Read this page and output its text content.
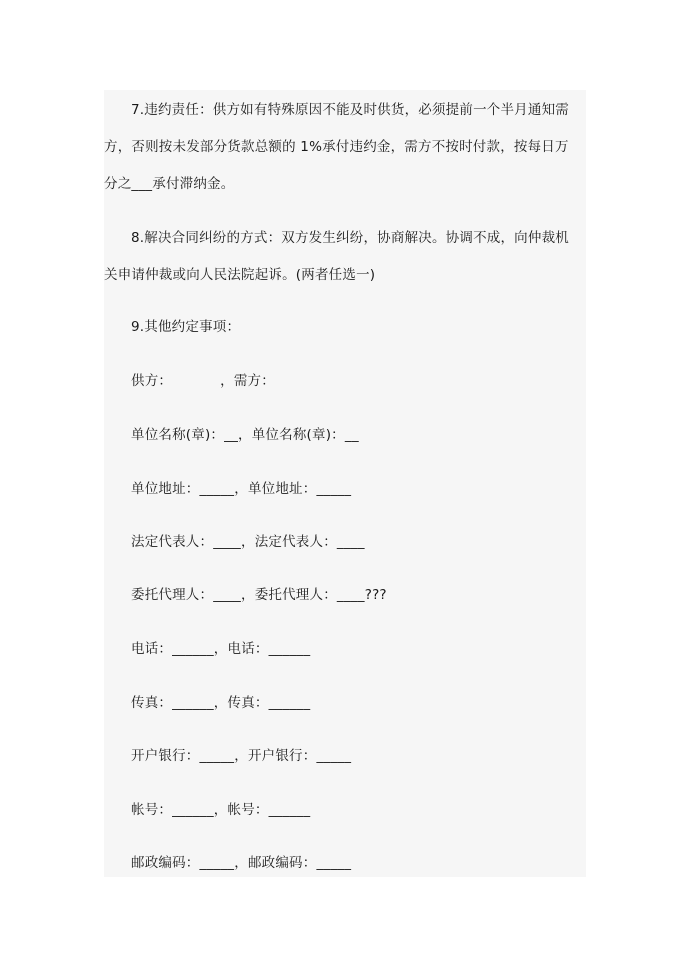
7.违约责任：供方如有特殊原因不能及时供货，必须提前一个半月通知需
方，否则按未发部分货款总额的 1%承付违约金，需方不按时付款，按每日万
分之___承付滞纳金。
8.解决合同纠纷的方式：双方发生纠纷，协商解决。协调不成，向仲裁机
关申请仲裁或向人民法院起诉。(两者任选一)
9.其他约定事项：
供方：　　　　，需方：
单位名称(章)：__，单位名称(章)：__
单位地址：_____，单位地址：_____
法定代表人：____，法定代表人：____
委托代理人：____，委托代理人：____???
电话：______，电话：______
传真：______，传真：______
开户银行：_____，开户银行：_____
帐号：______，帐号：______
邮政编码：_____，邮政编码：_____
